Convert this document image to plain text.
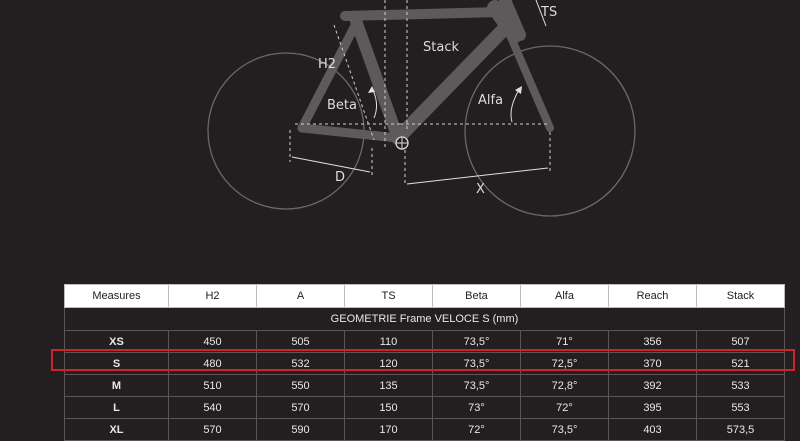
TS
Stack
H2
Beta	Alfa
D
X
Measures	H2	A	TS	Beta	Alfa	Reach	Stack
GEOMETRIE Frame VELOCE S (mm)							
XS	450	505	110	73,5°	71°	356	507
S	480	532	120	73,5°	72,5°	370	521
M	510	550	135	73,5°	72,8°	392	533
L	540	570	150	73°	72°	395	553
XL	570	590	170	72°	73,5°	403	573,5
